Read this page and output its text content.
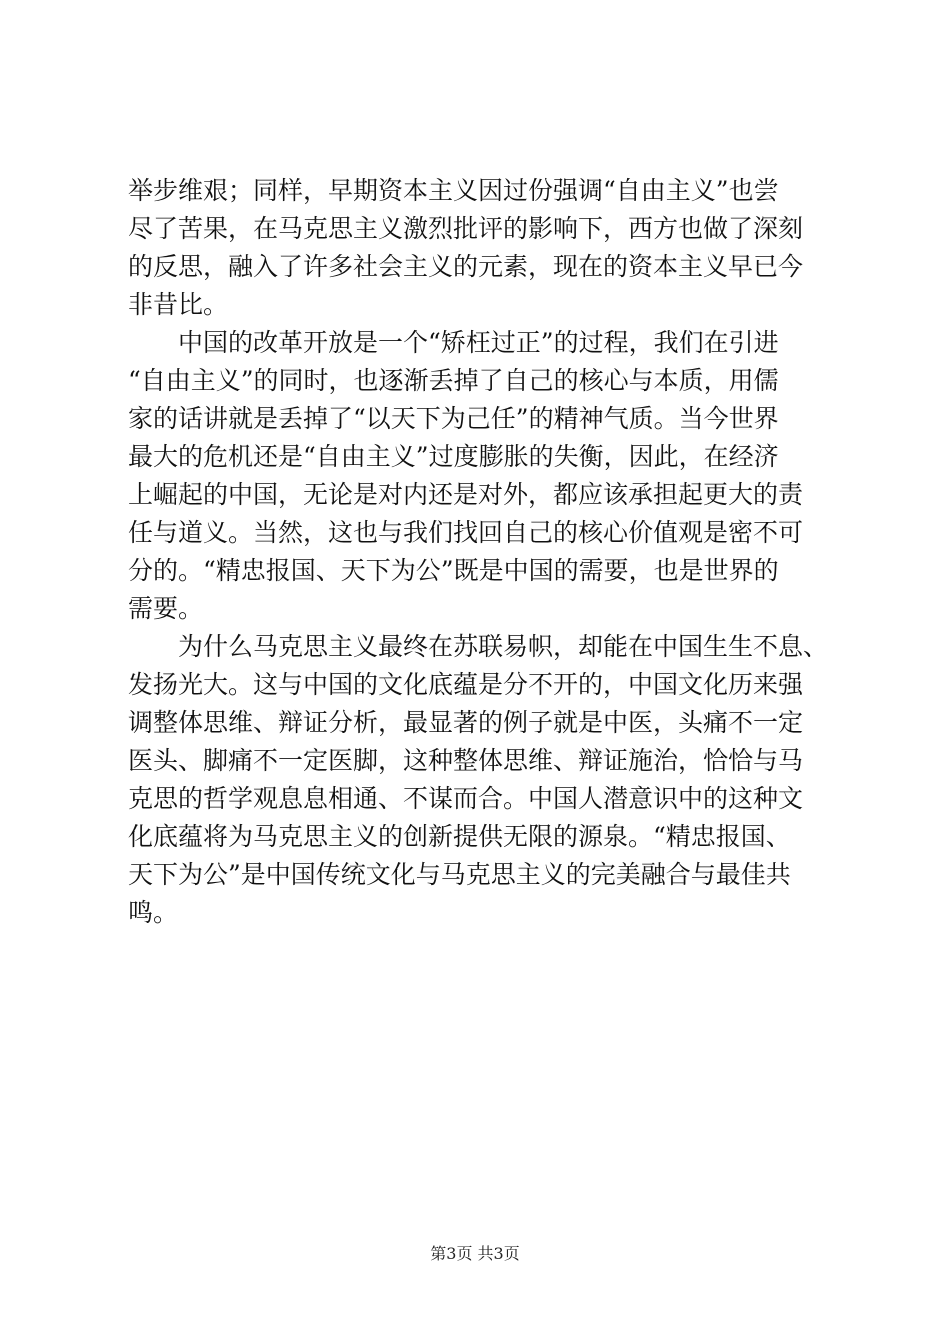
举步维艰；同样，早期资本主义因过份强调“自由主义”也尝
尽了苦果，在马克思主义激烈批评的影响下，西方也做了深刻
的反思，融入了许多社会主义的元素，现在的资本主义早已今
非昔比。
　　中国的改革开放是一个“矫枉过正”的过程，我们在引进
“自由主义”的同时，也逐渐丢掉了自己的核心与本质，用儒
家的话讲就是丢掉了“以天下为己任”的精神气质。当今世界
最大的危机还是“自由主义”过度膨胀的失衡，因此，在经济
上崛起的中国，无论是对内还是对外，都应该承担起更大的责
任与道义。当然，这也与我们找回自己的核心价值观是密不可
分的。“精忠报国、天下为公”既是中国的需要，也是世界的
需要。
　　为什么马克思主义最终在苏联易帜，却能在中国生生不息、
发扬光大。这与中国的文化底蕴是分不开的，中国文化历来强
调整体思维、辩证分析，最显著的例子就是中医，头痛不一定
医头、脚痛不一定医脚，这种整体思维、辩证施治，恰恰与马
克思的哲学观息息相通、不谋而合。中国人潜意识中的这种文
化底蕴将为马克思主义的创新提供无限的源泉。“精忠报国、
天下为公”是中国传统文化与马克思主义的完美融合与最佳共
鸣。
第3页 共3页
